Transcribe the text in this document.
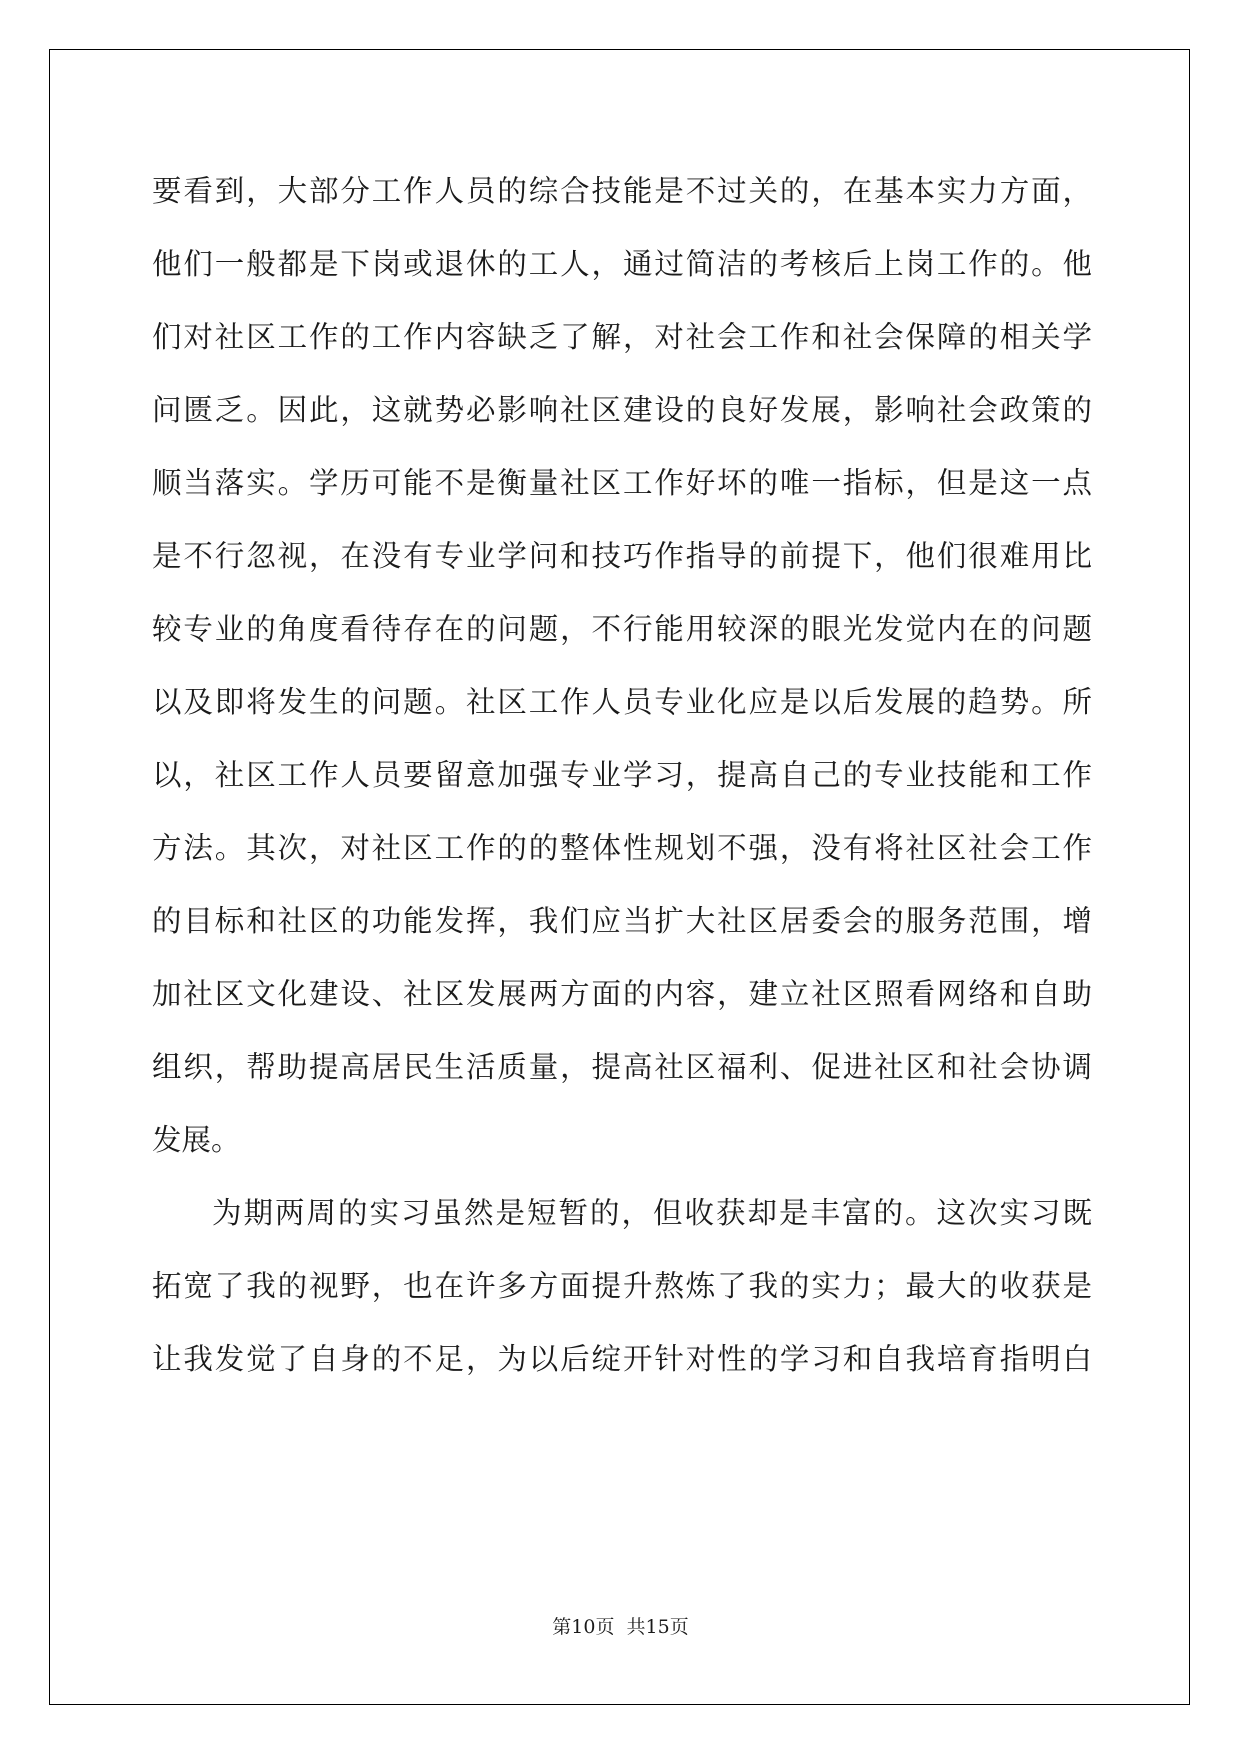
要看到，大部分工作人员的综合技能是不过关的，在基本实力方面，
他们一般都是下岗或退休的工人，通过简洁的考核后上岗工作的。他
们对社区工作的工作内容缺乏了解，对社会工作和社会保障的相关学
问匮乏。因此，这就势必影响社区建设的良好发展，影响社会政策的
顺当落实。学历可能不是衡量社区工作好坏的唯一指标，但是这一点
是不行忽视，在没有专业学问和技巧作指导的前提下，他们很难用比
较专业的角度看待存在的问题，不行能用较深的眼光发觉内在的问题
以及即将发生的问题。社区工作人员专业化应是以后发展的趋势。所
以，社区工作人员要留意加强专业学习，提高自己的专业技能和工作
方法。其次，对社区工作的的整体性规划不强，没有将社区社会工作
的目标和社区的功能发挥，我们应当扩大社区居委会的服务范围，增
加社区文化建设、社区发展两方面的内容，建立社区照看网络和自助
组织，帮助提高居民生活质量，提高社区福利、促进社区和社会协调
发展。
为期两周的实习虽然是短暂的，但收获却是丰富的。这次实习既
拓宽了我的视野，也在许多方面提升熬炼了我的实力；最大的收获是
让我发觉了自身的不足，为以后绽开针对性的学习和自我培育指明白
第10页 共15页
